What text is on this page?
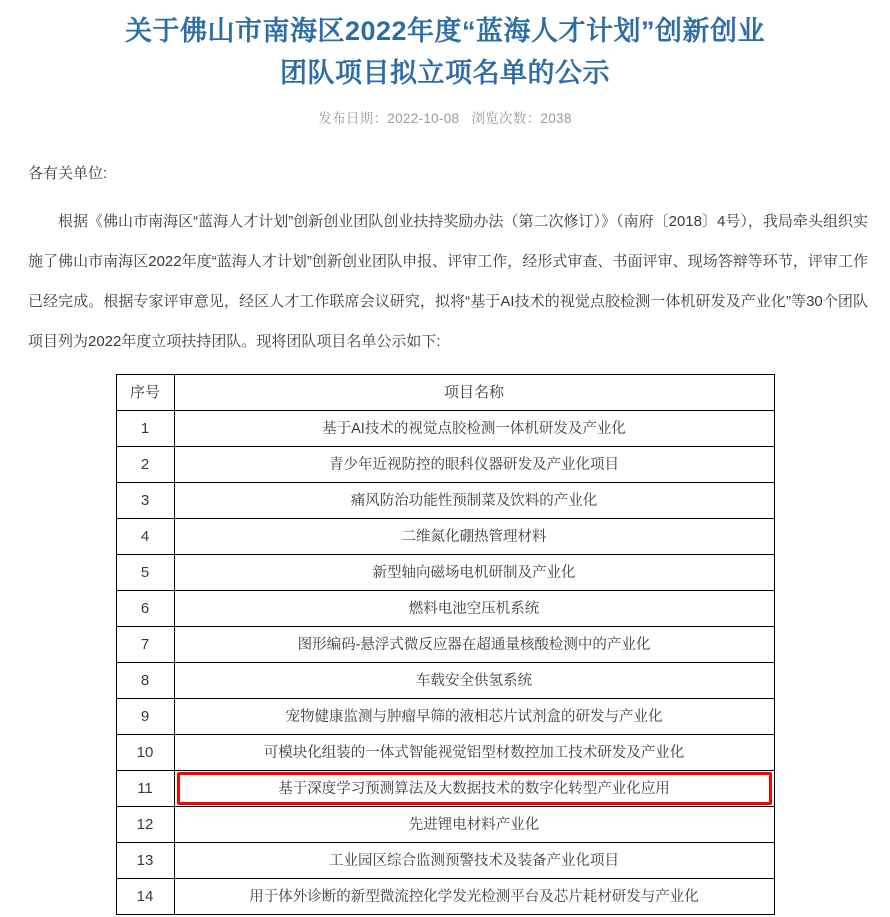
关于佛山市南海区2022年度“蓝海人才计划”创新创业
团队项目拟立项名单的公示
发布日期：2022-10-08 浏览次数：2038

各有关单位:

根据《佛山市南海区“蓝海人才计划”创新创业团队创业扶持奖励办法（第二次修订）》（南府〔2018〕4号），我局牵头组织实施了佛山市南海区2022年度“蓝海人才计划”创新创业团队申报、评审工作，经形式审查、书面评审、现场答辩等环节，评审工作已经完成。根据专家评审意见，经区人才工作联席会议研究，拟将“基于AI技术的视觉点胶检测一体机研发及产业化”等30个团队项目列为2022年度立项扶持团队。现将团队项目名单公示如下:

序号	项目名称
1	基于AI技术的视觉点胶检测一体机研发及产业化
2	青少年近视防控的眼科仪器研发及产业化项目
3	痛风防治功能性预制菜及饮料的产业化
4	二维氮化硼热管理材料
5	新型轴向磁场电机研制及产业化
6	燃料电池空压机系统
7	图形编码-悬浮式微反应器在超通量核酸检测中的产业化
8	车载安全供氢系统
9	宠物健康监测与肿瘤早筛的液相芯片试剂盒的研发与产业化
10	可模块化组装的一体式智能视觉铝型材数控加工技术研发及产业化
11	基于深度学习预测算法及大数据技术的数字化转型产业化应用
12	先进锂电材料产业化
13	工业园区综合监测预警技术及装备产业化项目
14	用于体外诊断的新型微流控化学发光检测平台及芯片耗材研发与产业化
